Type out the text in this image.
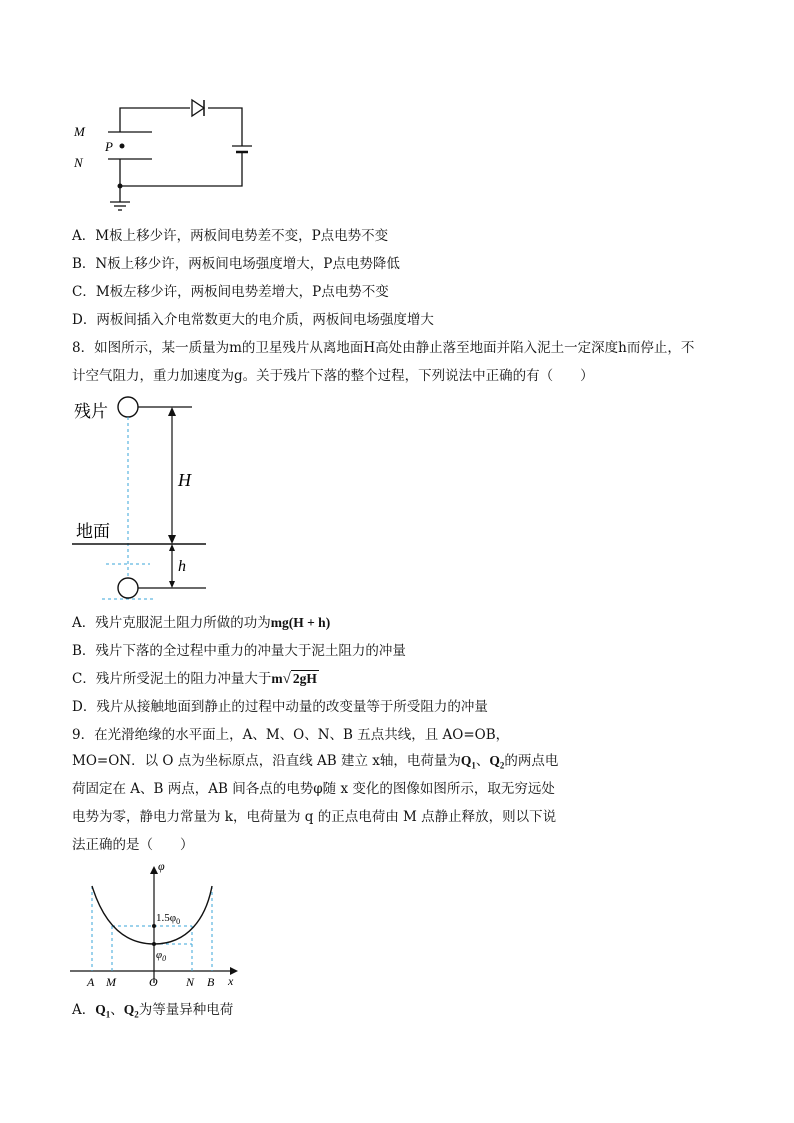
M
N
P
A．M板上移少许，两板间电势差不变，P点电势不变
B．N板上移少许，两板间电场强度增大，P点电势降低
C．M板左移少许，两板间电势差增大，P点电势不变
D．两板间插入介电常数更大的电介质，两板间电场强度增大
8．如图所示，某一质量为m的卫星残片从离地面H高处由静止落至地面并陷入泥土一定深度h而停止，不
计空气阻力，重力加速度为g。关于残片下落的整个过程，下列说法中正确的有（　　）
残片
地面
H
h
A．残片克服泥土阻力所做的功为mg(H + h)
B．残片下落的全过程中重力的冲量大于泥土阻力的冲量
C．残片所受泥土的阻力冲量大于m√ 2gH
D．残片从接触地面到静止的过程中动量的改变量等于所受阻力的冲量
9．在光滑绝缘的水平面上，A、M、O、N、B 五点共线，且 AO=OB，
MO=ON．以 O 点为坐标原点，沿直线 AB 建立 x轴，电荷量为$Q_1$、$Q_2$的两点电
荷固定在 A、B 两点，AB 间各点的电势φ随 x 变化的图像如图所示，取无穷远处
电势为零，静电力常量为 k，电荷量为 q 的正点电荷由 M 点静止释放，则以下说
法正确的是（　　）
φ
x
$1.5\varphi_0$
$\varphi_0$
A M	O N B
A．$Q_1$、$Q_2$为等量异种电荷
